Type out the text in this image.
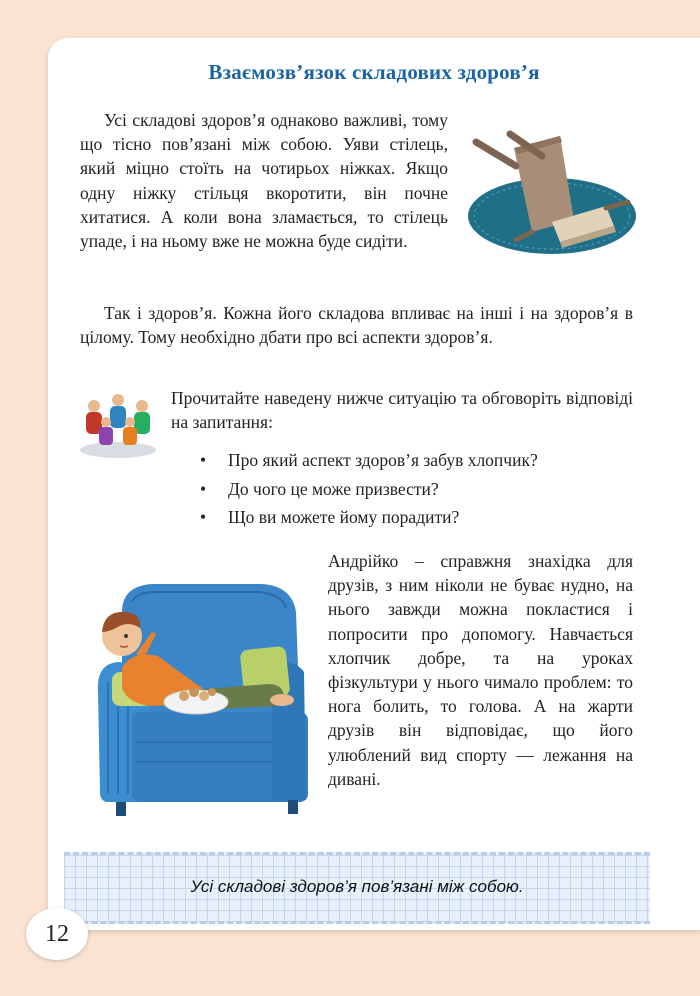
Взаємозв’язок складових здоров’я
Усі складові здоров’я однаково важливі, тому що тісно пов’язані між собою. Уяви стілець, який міцно стоїть на чотирьох ніжках. Якщо одну ніжку стільця вкоротити, він почне хитатися. А коли вона зламається, то стілець упаде, і на ньому вже не можна буде сидіти.
Так і здоров’я. Кожна його складова впливає на інші і на здоров’я в цілому. Тому необхідно дбати про всі аспекти здоров’я.
Прочитайте наведену нижче ситуацію та обговоріть відповіді на запитання:
• Про який аспект здоров’я забув хлопчик?
• До чого це може призвести?
• Що ви можете йому порадити?
Андрійко – справжня знахідка для друзів, з ним ніколи не буває нудно, на нього завжди можна покластися і попросити про допомогу. Навчається хлопчик добре, та на уроках фізкультури у нього чимало проблем: то нога болить, то голова. А на жарти друзів він відповідає, що його улюблений вид спорту — лежання на дивані.
Усі складові здоров’я пов’язані між собою.
12
